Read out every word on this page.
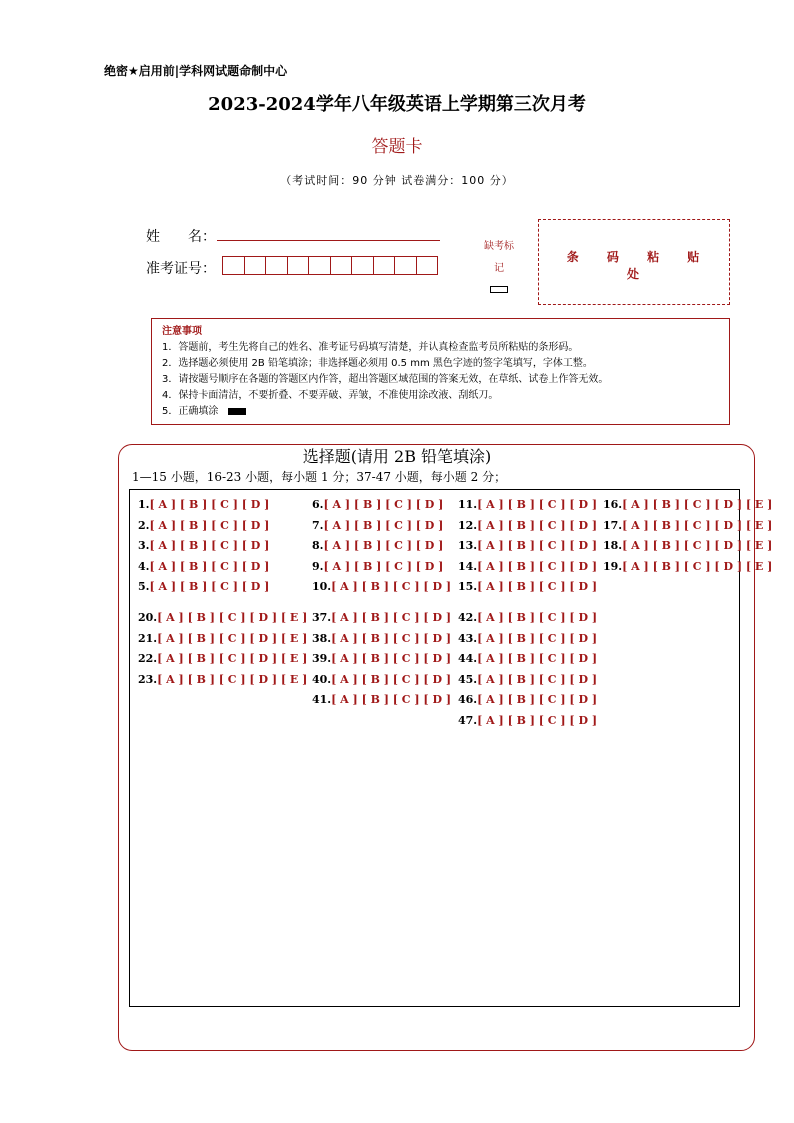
绝密★启用前|学科网试题命制中心
2023-2024学年八年级英语上学期第三次月考
答题卡
（考试时间：90 分钟 试卷满分：100 分）
姓　　名：
准考证号：
缺考标记
条 码 粘 贴 处
注意事项
1．答题前，考生先将自己的姓名、准考证号码填写清楚，并认真检查监考员所粘贴的条形码。
2．选择题必须使用 2B 铅笔填涂；非选择题必须用 0.5 mm 黑色字迹的签字笔填写，字体工整。
3．请按题号顺序在各题的答题区内作答，超出答题区域范围的答案无效，在草纸、试卷上作答无效。
4．保持卡面清洁，不要折叠、不要弄破、弄皱，不准使用涂改液、刮纸刀。
5．正确填涂
选择题(请用 2B 铅笔填涂)
1—15 小题，16-23 小题，每小题 1 分；37-47 小题，每小题 2 分；
1.[ A ] [ B ] [ C ] [ D ]
2.[ A ] [ B ] [ C ] [ D ]
3.[ A ] [ B ] [ C ] [ D ]
4.[ A ] [ B ] [ C ] [ D ]
5.[ A ] [ B ] [ C ] [ D ]
6.[ A ] [ B ] [ C ] [ D ]
7.[ A ] [ B ] [ C ] [ D ]
8.[ A ] [ B ] [ C ] [ D ]
9.[ A ] [ B ] [ C ] [ D ]
10.[ A ] [ B ] [ C ] [ D ]
11.[ A ] [ B ] [ C ] [ D ]
12.[ A ] [ B ] [ C ] [ D ]
13.[ A ] [ B ] [ C ] [ D ]
14.[ A ] [ B ] [ C ] [ D ]
15.[ A ] [ B ] [ C ] [ D ]
16.[ A ] [ B ] [ C ] [ D ] [ E ]
17.[ A ] [ B ] [ C ] [ D ] [ E ]
18.[ A ] [ B ] [ C ] [ D ] [ E ]
19.[ A ] [ B ] [ C ] [ D ] [ E ]
20.[ A ] [ B ] [ C ] [ D ] [ E ]
21.[ A ] [ B ] [ C ] [ D ] [ E ]
22.[ A ] [ B ] [ C ] [ D ] [ E ]
23.[ A ] [ B ] [ C ] [ D ] [ E ]
37.[ A ] [ B ] [ C ] [ D ]
38.[ A ] [ B ] [ C ] [ D ]
39.[ A ] [ B ] [ C ] [ D ]
40.[ A ] [ B ] [ C ] [ D ]
41.[ A ] [ B ] [ C ] [ D ]
42.[ A ] [ B ] [ C ] [ D ]
43.[ A ] [ B ] [ C ] [ D ]
44.[ A ] [ B ] [ C ] [ D ]
45.[ A ] [ B ] [ C ] [ D ]
46.[ A ] [ B ] [ C ] [ D ]
47.[ A ] [ B ] [ C ] [ D ]
